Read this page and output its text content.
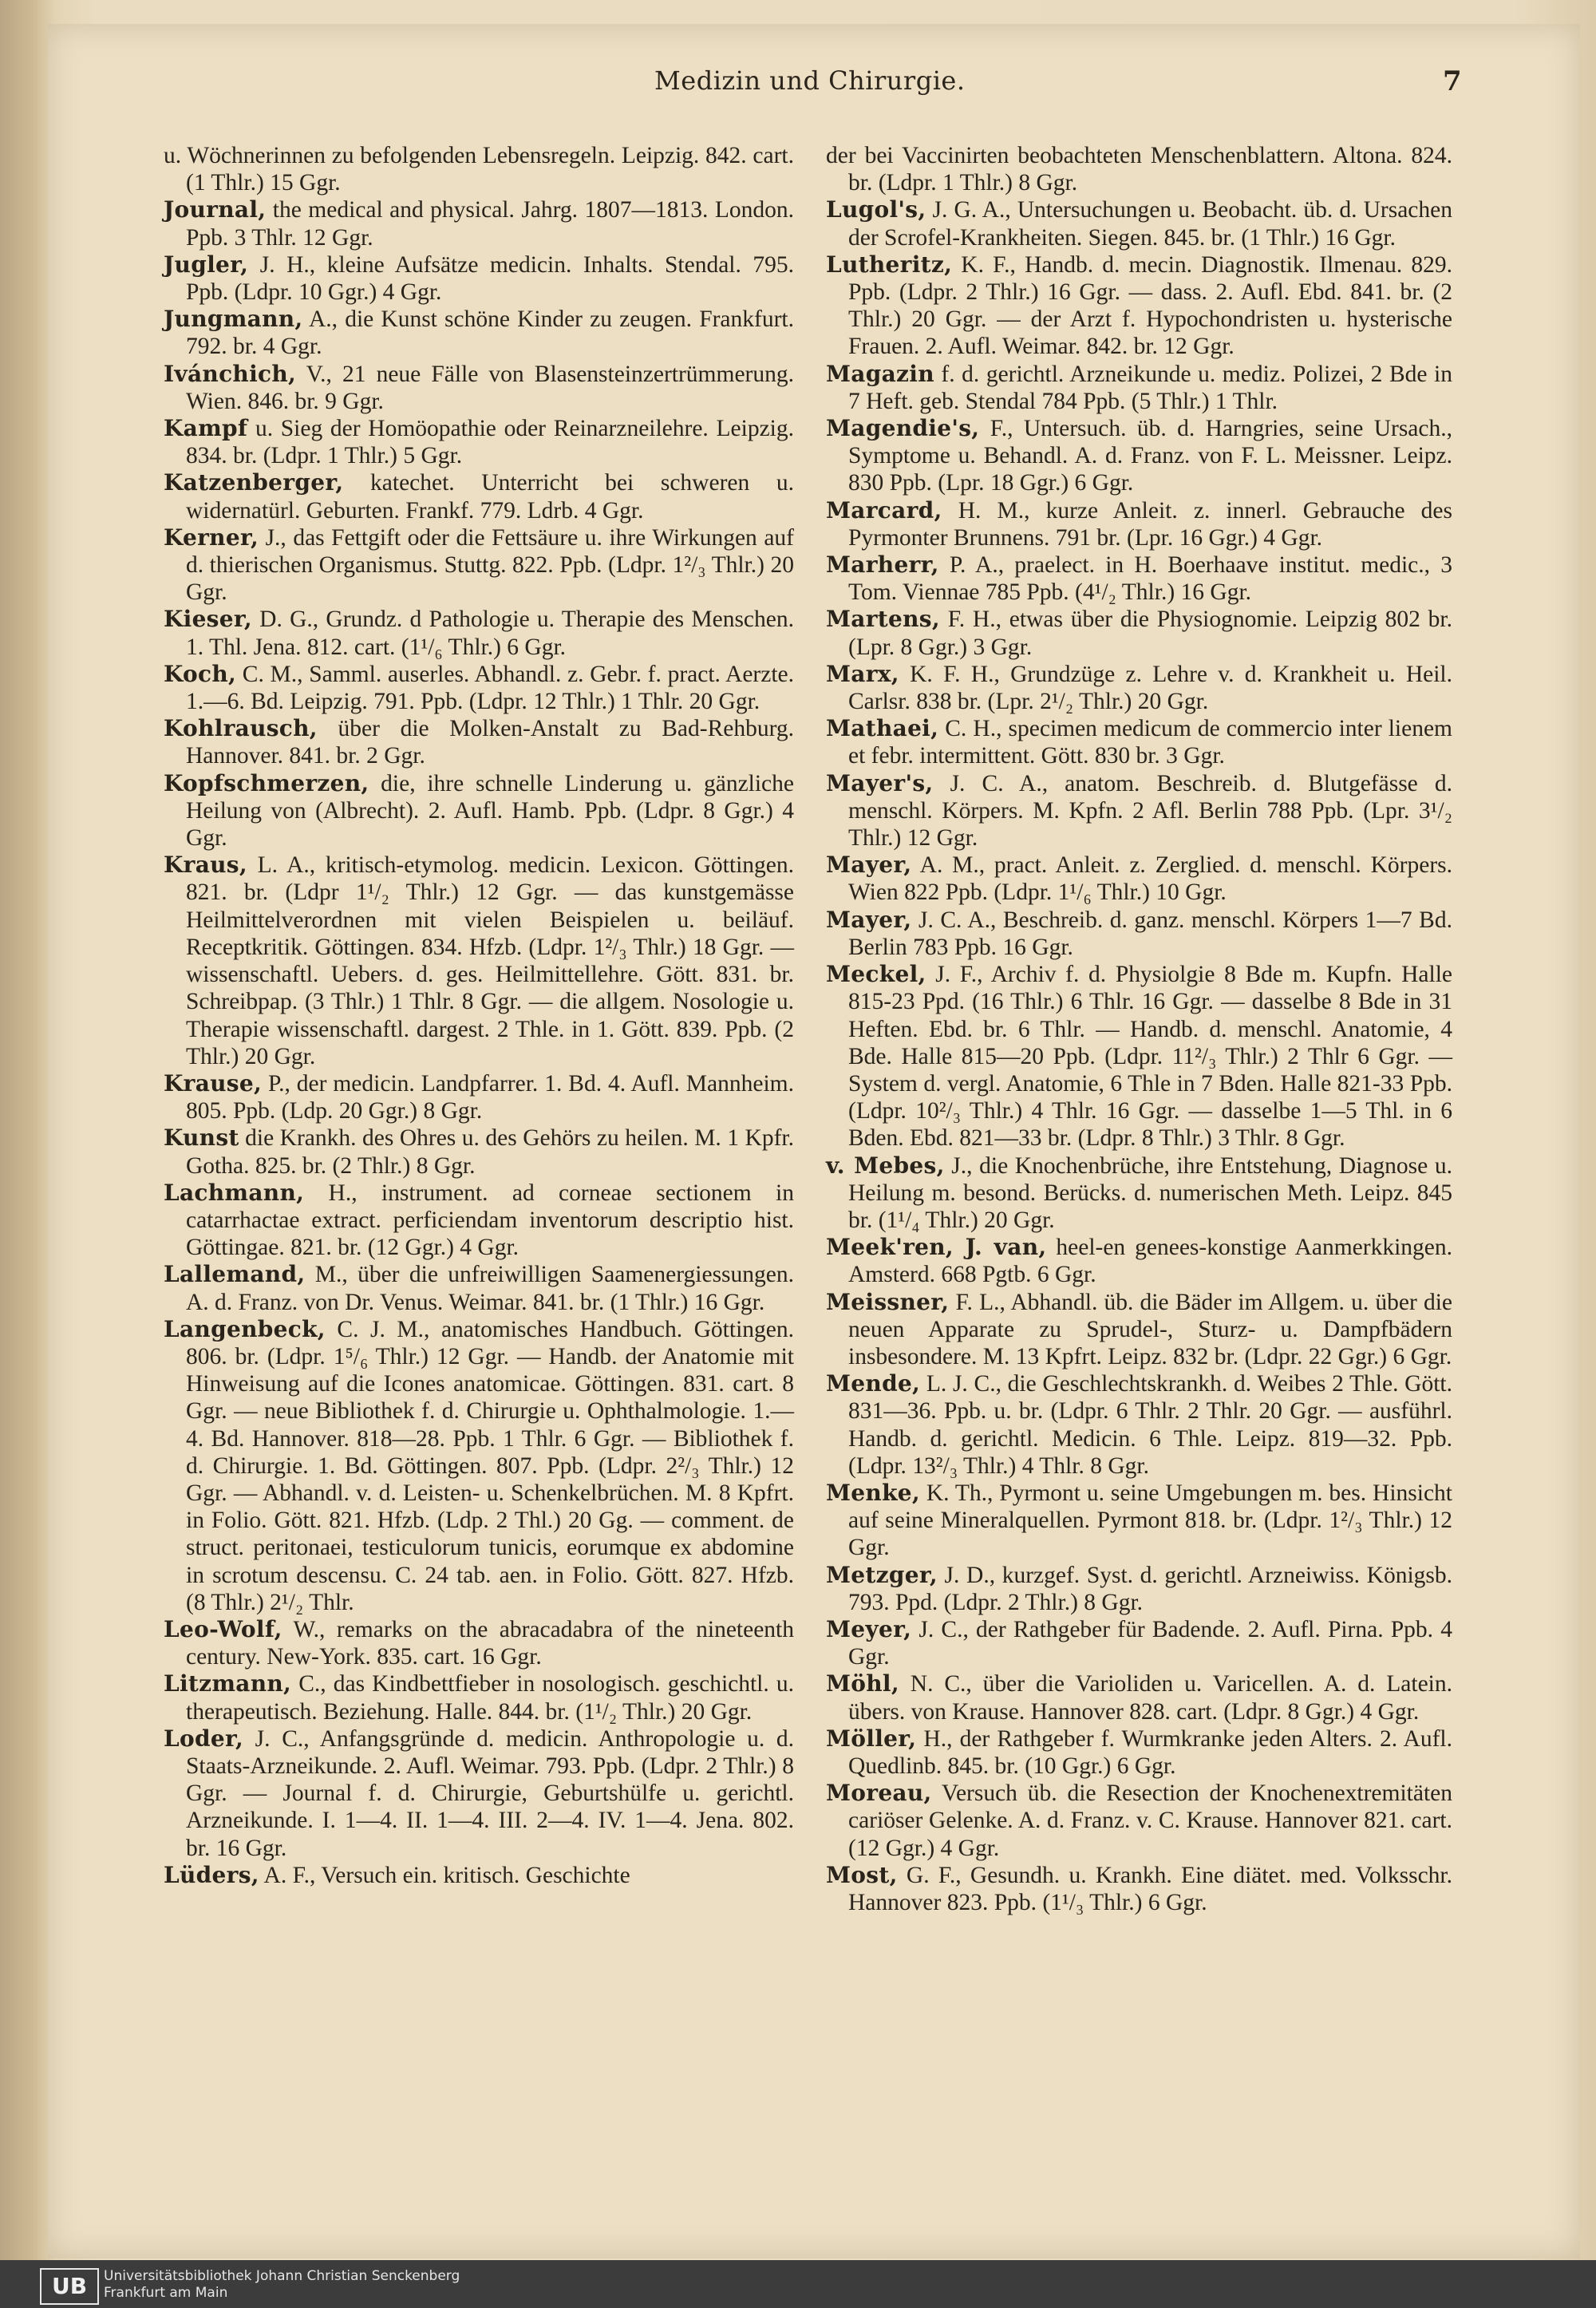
Medizin und Chirurgie.	7

u. Wöchnerinnen zu befolgenden Lebensregeln. Leipzig. 842. cart. (1 Thlr.) 15 Ggr.

Journal, the medical and physical. Jahrg. 1807—1813. London. Ppb. 3 Thlr. 12 Ggr.

Jugler, J. H., kleine Aufsätze medicin. Inhalts. Stendal. 795. Ppb. (Ldpr. 10 Ggr.) 4 Ggr.

Jungmann, A., die Kunst schöne Kinder zu zeugen. Frankfurt. 792. br. 4 Ggr.

Ivánchich, V., 21 neue Fälle von Blasensteinzertrümmerung. Wien. 846. br. 9 Ggr.

Kampf u. Sieg der Homöopathie oder Reinarzneilehre. Leipzig. 834. br. (Ldpr. 1 Thlr.) 5 Ggr.

Katzenberger, katechet. Unterricht bei schweren u. widernatürl. Geburten. Frankf. 779. Ldrb. 4 Ggr.

Kerner, J., das Fettgift oder die Fettsäure u. ihre Wirkungen auf d. thierischen Organismus. Stuttg. 822. Ppb. (Ldpr. 1²/₃ Thlr.) 20 Ggr.

Kieser, D. G., Grundz. d Pathologie u. Therapie des Menschen. 1. Thl. Jena. 812. cart. (1¹/₆ Thlr.) 6 Ggr.

Koch, C. M., Samml. auserles. Abhandl. z. Gebr. f. pract. Aerzte. 1.—6. Bd. Leipzig. 791. Ppb. (Ldpr. 12 Thlr.) 1 Thlr. 20 Ggr.

Kohlrausch, über die Molken-Anstalt zu Bad-Rehburg. Hannover. 841. br. 2 Ggr.

Kopfschmerzen, die, ihre schnelle Linderung u. gänzliche Heilung von (Albrecht). 2. Aufl. Hamb. Ppb. (Ldpr. 8 Ggr.) 4 Ggr.

Kraus, L. A., kritisch-etymolog. medicin. Lexicon. Göttingen. 821. br. (Ldpr 1¹/₂ Thlr.) 12 Ggr. — das kunstgemässe Heilmittelverordnen mit vielen Beispielen u. beiläuf. Receptkritik. Göttingen. 834. Hfzb. (Ldpr. 1²/₃ Thlr.) 18 Ggr. — wissenschaftl. Uebers. d. ges. Heilmittellehre. Gött. 831. br. Schreibpap. (3 Thlr.) 1 Thlr. 8 Ggr. — die allgem. Nosologie u. Therapie wissenschaftl. dargest. 2 Thle. in 1. Gött. 839. Ppb. (2 Thlr.) 20 Ggr.

Krause, P., der medicin. Landpfarrer. 1. Bd. 4. Aufl. Mannheim. 805. Ppb. (Ldp. 20 Ggr.) 8 Ggr.

Kunst die Krankh. des Ohres u. des Gehörs zu heilen. M. 1 Kpfr. Gotha. 825. br. (2 Thlr.) 8 Ggr.

Lachmann, H., instrument. ad corneae sectionem in catarrhactae extract. perficiendam inventorum descriptio hist. Göttingae. 821. br. (12 Ggr.) 4 Ggr.

Lallemand, M., über die unfreiwilligen Saamenergiessungen. A. d. Franz. von Dr. Venus. Weimar. 841. br. (1 Thlr.) 16 Ggr.

Langenbeck, C. J. M., anatomisches Handbuch. Göttingen. 806. br. (Ldpr. 1⁵/₆ Thlr.) 12 Ggr. — Handb. der Anatomie mit Hinweisung auf die Icones anatomicae. Göttingen. 831. cart. 8 Ggr. — neue Bibliothek f. d. Chirurgie u. Ophthalmologie. 1.—4. Bd. Hannover. 818—28. Ppb. 1 Thlr. 6 Ggr. — Bibliothek f. d. Chirurgie. 1. Bd. Göttingen. 807. Ppb. (Ldpr. 2²/₃ Thlr.) 12 Ggr. — Abhandl. v. d. Leisten- u. Schenkelbrüchen. M. 8 Kpfrt. in Folio. Gött. 821. Hfzb. (Ldp. 2 Thl.) 20 Gg. — comment. de struct. peritonaei, testiculorum tunicis, eorumque ex abdomine in scrotum descensu. C. 24 tab. aen. in Folio. Gött. 827. Hfzb. (8 Thlr.) 2¹/₂ Thlr.

Leo-Wolf, W., remarks on the abracadabra of the nineteenth century. New-York. 835. cart. 16 Ggr.

Litzmann, C., das Kindbettfieber in nosologisch. geschichtl. u. therapeutisch. Beziehung. Halle. 844. br. (1¹/₂ Thlr.) 20 Ggr.

Loder, J. C., Anfangsgründe d. medicin. Anthropologie u. d. Staats-Arzneikunde. 2. Aufl. Weimar. 793. Ppb. (Ldpr. 2 Thlr.) 8 Ggr. — Journal f. d. Chirurgie, Geburtshülfe u. gerichtl. Arzneikunde. I. 1—4. II. 1—4. III. 2—4. IV. 1—4. Jena. 802. br. 16 Ggr.

Lüders, A. F., Versuch ein. kritisch. Geschichte

der bei Vaccinirten beobachteten Menschenblattern. Altona. 824. br. (Ldpr. 1 Thlr.) 8 Ggr.

Lugol's, J. G. A., Untersuchungen u. Beobacht. üb. d. Ursachen der Scrofel-Krankheiten. Siegen. 845. br. (1 Thlr.) 16 Ggr.

Lutheritz, K. F., Handb. d. mecin. Diagnostik. Ilmenau. 829. Ppb. (Ldpr. 2 Thlr.) 16 Ggr. — dass. 2. Aufl. Ebd. 841. br. (2 Thlr.) 20 Ggr. — der Arzt f. Hypochondristen u. hysterische Frauen. 2. Aufl. Weimar. 842. br. 12 Ggr.

Magazin f. d. gerichtl. Arzneikunde u. mediz. Polizei, 2 Bde in 7 Heft. geb. Stendal 784 Ppb. (5 Thlr.) 1 Thlr.

Magendie's, F., Untersuch. üb. d. Harngries, seine Ursach., Symptome u. Behandl. A. d. Franz. von F. L. Meissner. Leipz. 830 Ppb. (Lpr. 18 Ggr.) 6 Ggr.

Marcard, H. M., kurze Anleit. z. innerl. Gebrauche des Pyrmonter Brunnens. 791 br. (Lpr. 16 Ggr.) 4 Ggr.

Marherr, P. A., praelect. in H. Boerhaave institut. medic., 3 Tom. Viennae 785 Ppb. (4¹/₂ Thlr.) 16 Ggr.

Martens, F. H., etwas über die Physiognomie. Leipzig 802 br. (Lpr. 8 Ggr.) 3 Ggr.

Marx, K. F. H., Grundzüge z. Lehre v. d. Krankheit u. Heil. Carlsr. 838 br. (Lpr. 2¹/₂ Thlr.) 20 Ggr.

Mathaei, C. H., specimen medicum de commercio inter lienem et febr. intermittent. Gött. 830 br. 3 Ggr.

Mayer's, J. C. A., anatom. Beschreib. d. Blutgefässe d. menschl. Körpers. M. Kpfn. 2 Afl. Berlin 788 Ppb. (Lpr. 3¹/₂ Thlr.) 12 Ggr.

Mayer, A. M., pract. Anleit. z. Zerglied. d. menschl. Körpers. Wien 822 Ppb. (Ldpr. 1¹/₆ Thlr.) 10 Ggr.

Mayer, J. C. A., Beschreib. d. ganz. menschl. Körpers 1—7 Bd. Berlin 783 Ppb. 16 Ggr.

Meckel, J. F., Archiv f. d. Physiolgie 8 Bde m. Kupfn. Halle 815-23 Ppd. (16 Thlr.) 6 Thlr. 16 Ggr. — dasselbe 8 Bde in 31 Heften. Ebd. br. 6 Thlr. — Handb. d. menschl. Anatomie, 4 Bde. Halle 815—20 Ppb. (Ldpr. 11²/₃ Thlr.) 2 Thlr 6 Ggr. — System d. vergl. Anatomie, 6 Thle in 7 Bden. Halle 821-33 Ppb. (Ldpr. 10²/₃ Thlr.) 4 Thlr. 16 Ggr. — dasselbe 1—5 Thl. in 6 Bden. Ebd. 821—33 br. (Ldpr. 8 Thlr.) 3 Thlr. 8 Ggr.

v. Mebes, J., die Knochenbrüche, ihre Entstehung, Diagnose u. Heilung m. besond. Berücks. d. numerischen Meth. Leipz. 845 br. (1¹/₄ Thlr.) 20 Ggr.

Meek'ren, J. van, heel-en genees-konstige Aanmerkkingen. Amsterd. 668 Pgtb. 6 Ggr.

Meissner, F. L., Abhandl. üb. die Bäder im Allgem. u. über die neuen Apparate zu Sprudel-, Sturz- u. Dampfbädern insbesondere. M. 13 Kpfrt. Leipz. 832 br. (Ldpr. 22 Ggr.) 6 Ggr.

Mende, L. J. C., die Geschlechtskrankh. d. Weibes 2 Thle. Gött. 831—36. Ppb. u. br. (Ldpr. 6 Thlr. 2 Thlr. 20 Ggr. — ausführl. Handb. d. gerichtl. Medicin. 6 Thle. Leipz. 819—32. Ppb. (Ldpr. 13²/₃ Thlr.) 4 Thlr. 8 Ggr.

Menke, K. Th., Pyrmont u. seine Umgebungen m. bes. Hinsicht auf seine Mineralquellen. Pyrmont 818. br. (Ldpr. 1²/₃ Thlr.) 12 Ggr.

Metzger, J. D., kurzgef. Syst. d. gerichtl. Arzneiwiss. Königsb. 793. Ppd. (Ldpr. 2 Thlr.) 8 Ggr.

Meyer, J. C., der Rathgeber für Badende. 2. Aufl. Pirna. Ppb. 4 Ggr.

Möhl, N. C., über die Varioliden u. Varicellen. A. d. Latein. übers. von Krause. Hannover 828. cart. (Ldpr. 8 Ggr.) 4 Ggr.

Möller, H., der Rathgeber f. Wurmkranke jeden Alters. 2. Aufl. Quedlinb. 845. br. (10 Ggr.) 6 Ggr.

Moreau, Versuch üb. die Resection der Knochenextremitäten cariöser Gelenke. A. d. Franz. v. C. Krause. Hannover 821. cart. (12 Ggr.) 4 Ggr.

Most, G. F., Gesundh. u. Krankh. Eine diätet. med. Volksschr. Hannover 823. Ppb. (1¹/₃ Thlr.) 6 Ggr.

UB	Universitätsbibliothek Johann Christian Senckenberg
Frankfurt am Main
